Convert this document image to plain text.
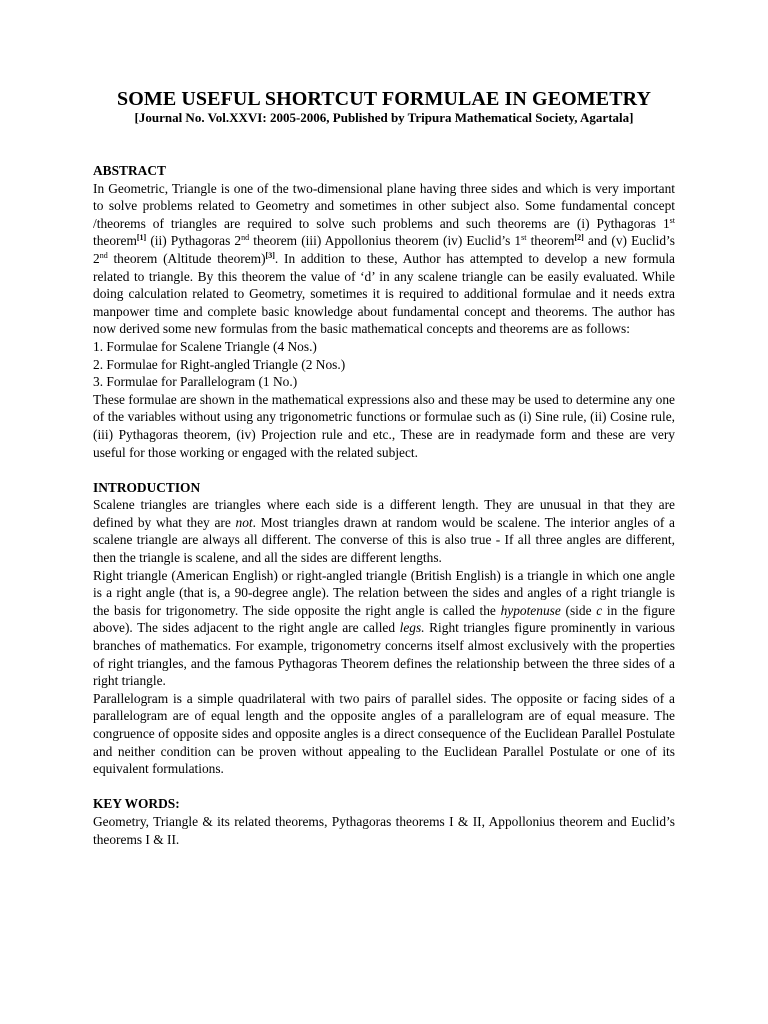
SOME USEFUL SHORTCUT FORMULAE IN GEOMETRY
[Journal No. Vol.XXVI: 2005-2006, Published by Tripura Mathematical Society, Agartala]

ABSTRACT

In Geometric, Triangle is one of the two-dimensional plane having three sides and which is very important to solve problems related to Geometry and sometimes in other subject also. Some fundamental concept /theorems of triangles are required to solve such problems and such theorems are (i) Pythagoras 1st theorem[1] (ii) Pythagoras 2nd theorem (iii) Appollonius theorem (iv) Euclid’s 1st theorem[2] and (v) Euclid’s 2nd theorem (Altitude theorem)[3]. In addition to these, Author has attempted to develop a new formula related to triangle. By this theorem the value of ‘d’ in any scalene triangle can be easily evaluated. While doing calculation related to Geometry, sometimes it is required to additional formulae and it needs extra manpower time and complete basic knowledge about fundamental concept and theorems. The author has now derived some new formulas from the basic mathematical concepts and theorems are as follows:

1. Formulae for Scalene Triangle (4 Nos.)
2. Formulae for Right-angled Triangle (2 Nos.)
3. Formulae for Parallelogram (1 No.)

These formulae are shown in the mathematical expressions also and these may be used to determine any one of the variables without using any trigonometric functions or formulae such as (i) Sine rule, (ii) Cosine rule, (iii) Pythagoras theorem, (iv) Projection rule and etc., These are in readymade form and these are very useful for those working or engaged with the related subject.

INTRODUCTION

Scalene triangles are triangles where each side is a different length. They are unusual in that they are defined by what they are not. Most triangles drawn at random would be scalene. The interior angles of a scalene triangle are always all different. The converse of this is also true - If all three angles are different, then the triangle is scalene, and all the sides are different lengths.

Right triangle (American English) or right-angled triangle (British English) is a triangle in which one angle is a right angle (that is, a 90-degree angle). The relation between the sides and angles of a right triangle is the basis for trigonometry. The side opposite the right angle is called the hypotenuse (side c in the figure above). The sides adjacent to the right angle are called legs. Right triangles figure prominently in various branches of mathematics. For example, trigonometry concerns itself almost exclusively with the properties of right triangles, and the famous Pythagoras Theorem defines the relationship between the three sides of a right triangle.

Parallelogram is a simple quadrilateral with two pairs of parallel sides. The opposite or facing sides of a parallelogram are of equal length and the opposite angles of a parallelogram are of equal measure. The congruence of opposite sides and opposite angles is a direct consequence of the Euclidean Parallel Postulate and neither condition can be proven without appealing to the Euclidean Parallel Postulate or one of its equivalent formulations.

KEY WORDS:

Geometry, Triangle & its related theorems, Pythagoras theorems I & II, Appollonius theorem and Euclid’s theorems I & II.
